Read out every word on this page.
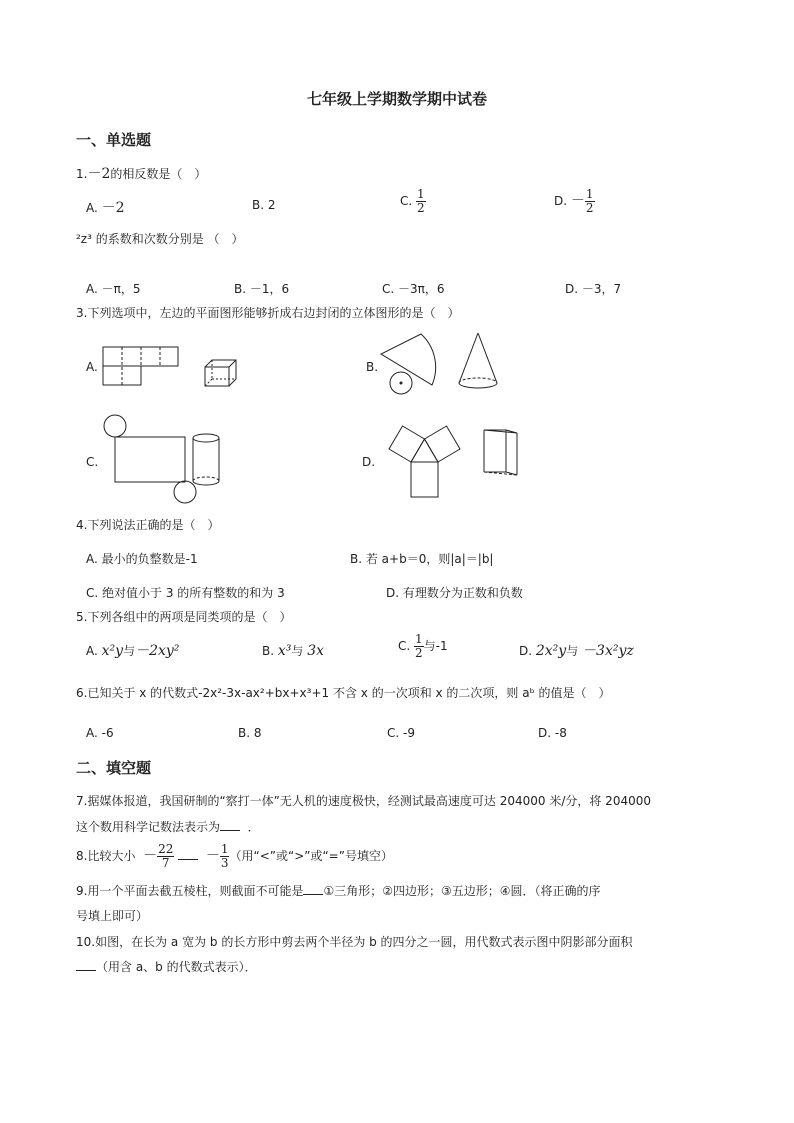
七年级上学期数学期中试卷
一、单选题
1.－2的相反数是（　）
A. －2	B. 2	C. $\frac{1}{2}$	D. － $\frac{1}{2}$
²z³ 的系数和次数分别是 （　）
A. －π，5	B. －1，6	C. －3π，6	D. －3，7
3.下列选项中，左边的平面图形能够折成右边封闭的立体图形的是（　）
A.	B.
C.	D.
4.下列说法正确的是（　）
A. 最小的负整数是-1	B. 若 a+b＝0，则|a|＝|b|
C. 绝对值小于 3 的所有整数的和为 3	D. 有理数分为正数和负数
5.下列各组中的两项是同类项的是（　）
A. x²y与－2xy²	B. x³与 3x	C. $\frac{1}{2}$ 与-1	D. 2x²y与 －3x²yz
6.已知关于 x 的代数式-2x²-3x-ax²+bx+x³+1 不含 x 的一次项和 x 的二次项，则 aᵇ 的值是（　）
A. -6	B. 8	C. -9	D. -8
二、填空题
7.据媒体报道，我国研制的“察打一体”无人机的速度极快，经测试最高速度可达 204000 米/分，将 204000
这个数用科学记数法表示为 ．
8.比较大小  － $\frac{22}{7} - \frac{1}{3}$ （用“<”或“>”或“=”号填空）
9.用一个平面去截五棱柱，则截面不可能是 ①三角形；②四边形；③五边形；④圆．（将正确的序
号填上即可）
10.如图，在长为 a 宽为 b 的长方形中剪去两个半径为 b 的四分之一圆，用代数式表示图中阴影部分面积
（用含 a、b 的代数式表示）．
